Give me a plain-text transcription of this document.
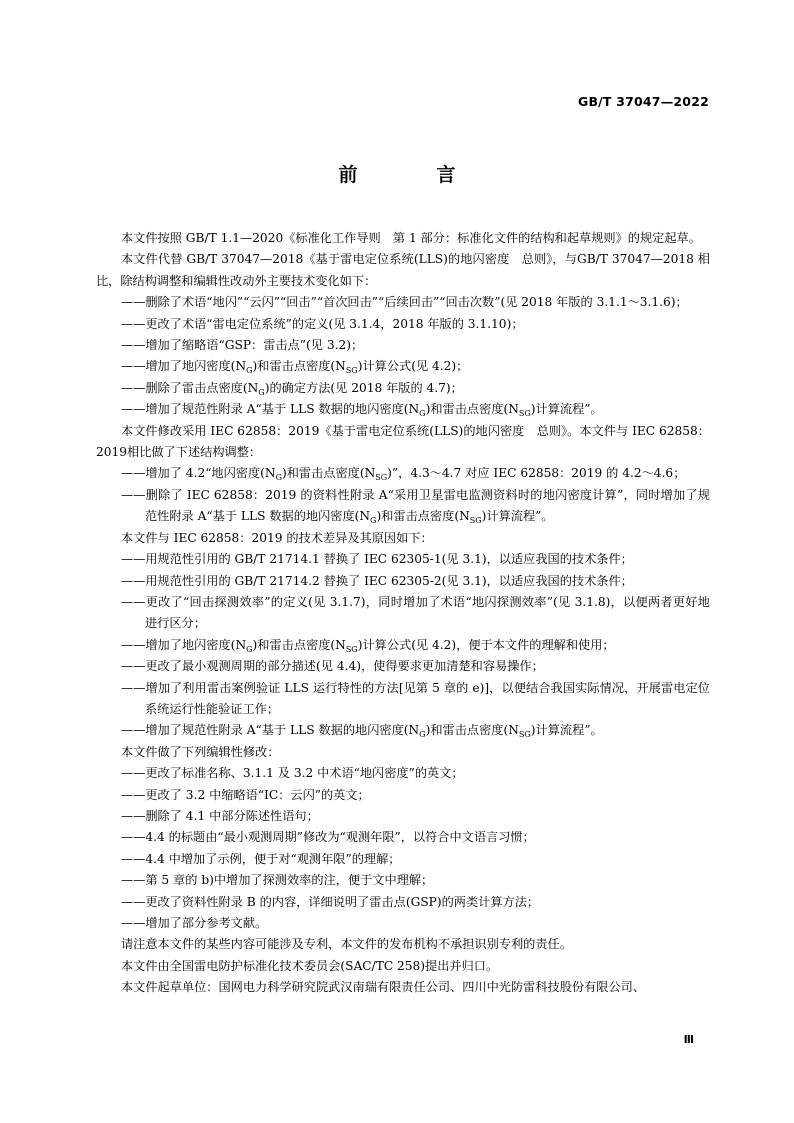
GB/T 37047—2022
前　言

本文件按照 GB/T 1.1—2020《标准化工作导则　第 1 部分：标准化文件的结构和起草规则》的规定起草。

本文件代替 GB/T 37047—2018《基于雷电定位系统(LLS)的地闪密度　总则》，与GB/T 37047—2018 相比，除结构调整和编辑性改动外主要技术变化如下：

——删除了术语“地闪”“云闪”“回击”“首次回击”“后续回击”“回击次数”(见 2018 年版的 3.1.1～3.1.6)；

——更改了术语“雷电定位系统”的定义(见 3.1.4，2018 年版的 3.1.10)；

——增加了缩略语“GSP：雷击点”(见 3.2)；

——增加了地闪密度$(N_G)$和雷击点密度$(N_{SG})$计算公式(见 4.2)；

——删除了雷击点密度$(N_G)$的确定方法(见 2018 年版的 4.7)；

——增加了规范性附录 A“基于 LLS 数据的地闪密度$(N_G)$和雷击点密度$(N_{SG})$计算流程”。

本文件修改采用 IEC 62858：2019《基于雷电定位系统(LLS)的地闪密度　总则》。本文件与 IEC 62858：2019相比做了下述结构调整：

——增加了 4.2“地闪密度$(N_G)$和雷击点密度$(N_{SG})$”，4.3～4.7 对应 IEC 62858：2019 的 4.2～4.6；

——删除了 IEC 62858：2019 的资料性附录 A“采用卫星雷电监测资料时的地闪密度计算”，同时增加了规范性附录 A“基于 LLS 数据的地闪密度$(N_G)$和雷击点密度$(N_{SG})$计算流程”。

本文件与 IEC 62858：2019 的技术差异及其原因如下：

——用规范性引用的 GB/T 21714.1 替换了 IEC 62305-1(见 3.1)，以适应我国的技术条件；

——用规范性引用的 GB/T 21714.2 替换了 IEC 62305-2(见 3.1)，以适应我国的技术条件；

——更改了“回击探测效率”的定义(见 3.1.7)，同时增加了术语“地闪探测效率”(见 3.1.8)，以便两者更好地进行区分；

——增加了地闪密度$(N_G)$和雷击点密度$(N_{SG})$计算公式(见 4.2)，便于本文件的理解和使用；

——更改了最小观测周期的部分描述(见 4.4)，使得要求更加清楚和容易操作；

——增加了利用雷击案例验证 LLS 运行特性的方法[见第 5 章的 e)]，以便结合我国实际情况，开展雷电定位系统运行性能验证工作；

——增加了规范性附录 A“基于 LLS 数据的地闪密度$(N_G)$和雷击点密度$(N_{SG})$计算流程”。

本文件做了下列编辑性修改：

——更改了标准名称、3.1.1 及 3.2 中术语“地闪密度”的英文；

——更改了 3.2 中缩略语“IC：云闪”的英文；

——删除了 4.1 中部分陈述性语句；

——4.4 的标题由“最小观测周期”修改为“观测年限”，以符合中文语言习惯；

——4.4 中增加了示例，便于对“观测年限”的理解；

——第 5 章的 b)中增加了探测效率的注，便于文中理解；

——更改了资料性附录 B 的内容，详细说明了雷击点(GSP)的两类计算方法；

——增加了部分参考文献。

请注意本文件的某些内容可能涉及专利，本文件的发布机构不承担识别专利的责任。

本文件由全国雷电防护标准化技术委员会(SAC/TC 258)提出并归口。

本文件起草单位：国网电力科学研究院武汉南瑞有限责任公司、四川中光防雷科技股份有限公司、

Ⅲ
